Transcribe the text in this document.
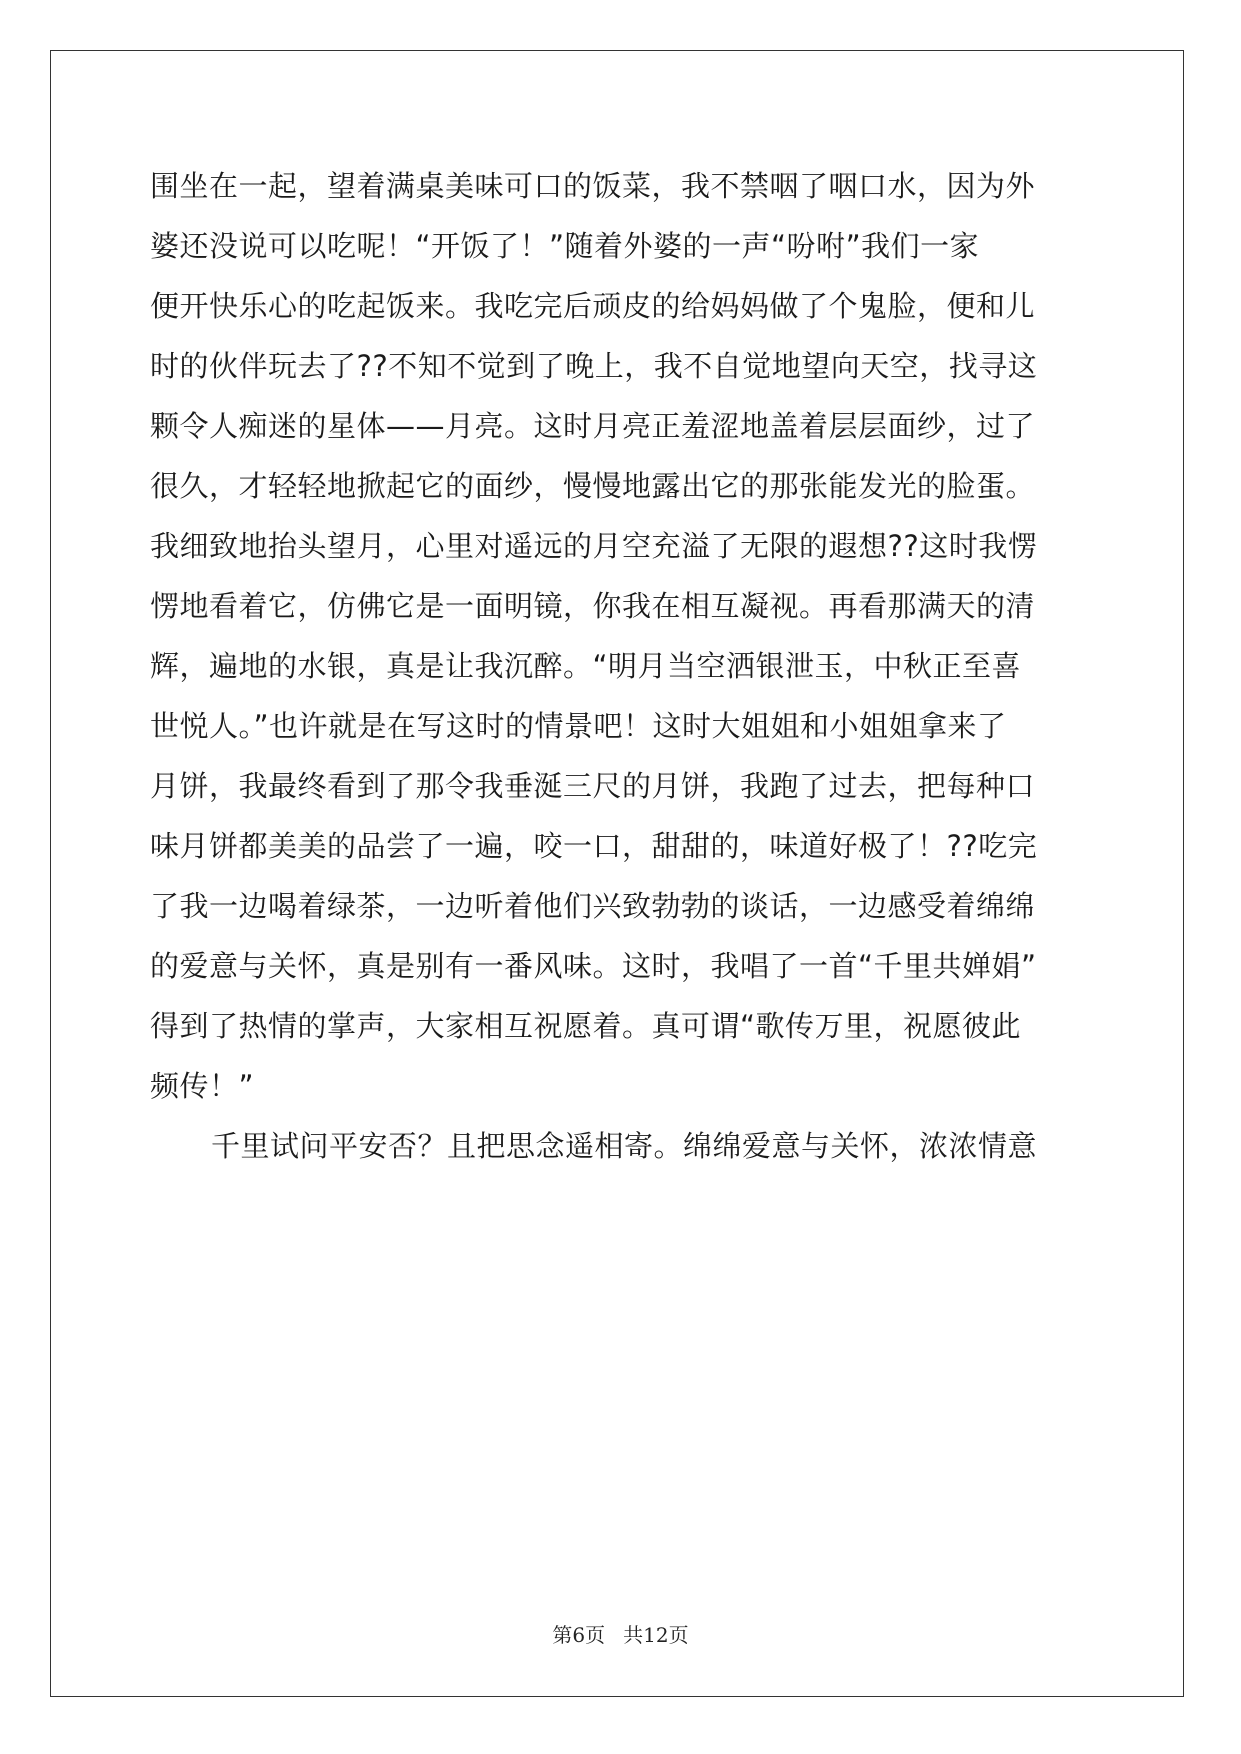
围坐在一起，望着满桌美味可口的饭菜，我不禁咽了咽口水，因为外
婆还没说可以吃呢！“开饭了！”随着外婆的一声“吩咐”我们一家
便开快乐心的吃起饭来。我吃完后顽皮的给妈妈做了个鬼脸，便和儿
时的伙伴玩去了??不知不觉到了晚上，我不自觉地望向天空，找寻这
颗令人痴迷的星体——月亮。这时月亮正羞涩地盖着层层面纱，过了
很久，才轻轻地掀起它的面纱，慢慢地露出它的那张能发光的脸蛋。
我细致地抬头望月，心里对遥远的月空充溢了无限的遐想??这时我愣
愣地看着它，仿佛它是一面明镜，你我在相互凝视。再看那满天的清
辉，遍地的水银，真是让我沉醉。“明月当空洒银泄玉，中秋正至喜
世悦人。”也许就是在写这时的情景吧！这时大姐姐和小姐姐拿来了
月饼，我最终看到了那令我垂涎三尺的月饼，我跑了过去，把每种口
味月饼都美美的品尝了一遍，咬一口，甜甜的，味道好极了！??吃完
了我一边喝着绿茶，一边听着他们兴致勃勃的谈话，一边感受着绵绵
的爱意与关怀，真是别有一番风味。这时，我唱了一首“千里共婵娟”
得到了热情的掌声，大家相互祝愿着。真可谓“歌传万里，祝愿彼此
频传！”
千里试问平安否？且把思念遥相寄。绵绵爱意与关怀，浓浓情意
第6页 共12页
